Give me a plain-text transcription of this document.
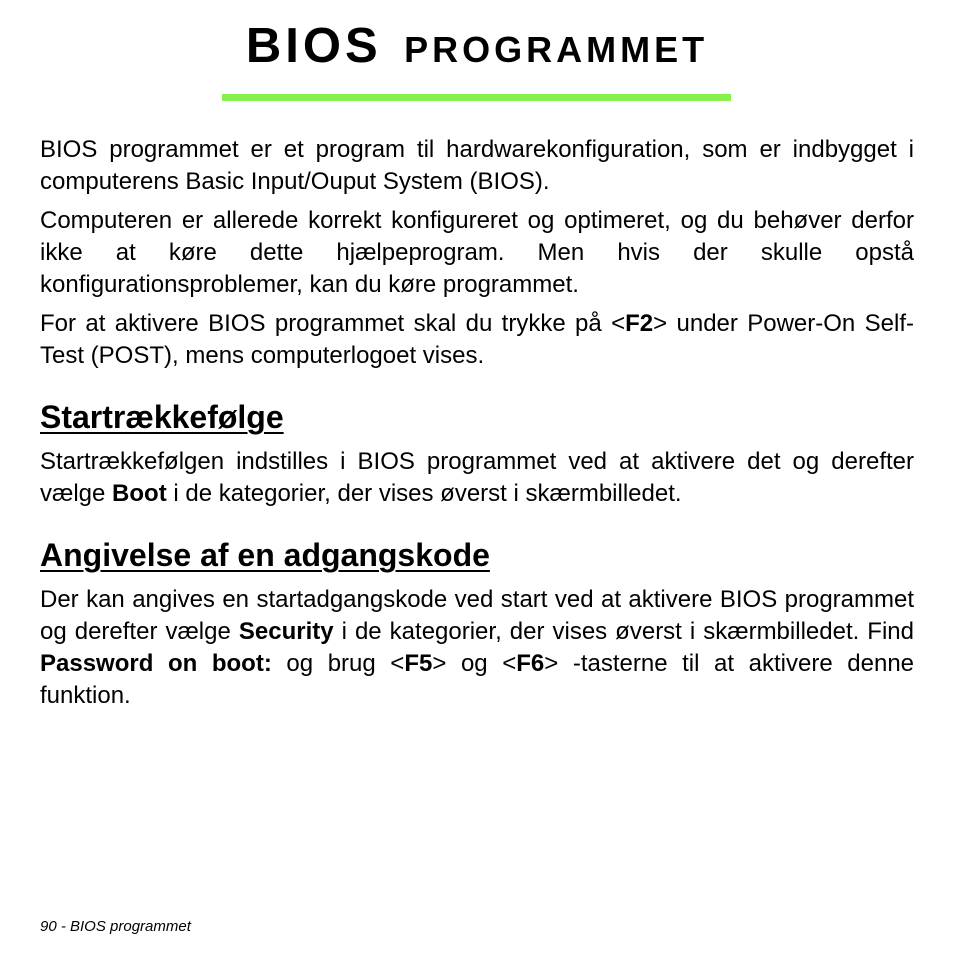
BIOS PROGRAMMET

BIOS programmet er et program til hardwarekonfiguration, som er indbygget i computerens Basic Input/Ouput System (BIOS).

Computeren er allerede korrekt konfigureret og optimeret, og du behøver derfor ikke at køre dette hjælpeprogram. Men hvis der skulle opstå konfigurationsproblemer, kan du køre programmet.

For at aktivere BIOS programmet skal du trykke på <F2> under Power-On Self-Test (POST), mens computerlogoet vises.

Startrækkefølge

Startrækkefølgen indstilles i BIOS programmet ved at aktivere det og derefter vælge Boot i de kategorier, der vises øverst i skærmbilledet.

Angivelse af en adgangskode

Der kan angives en startadgangskode ved start ved at aktivere BIOS programmet og derefter vælge Security i de kategorier, der vises øverst i skærmbilledet. Find Password on boot: og brug <F5> og <F6> -tasterne til at aktivere denne funktion.

90 - BIOS programmet
